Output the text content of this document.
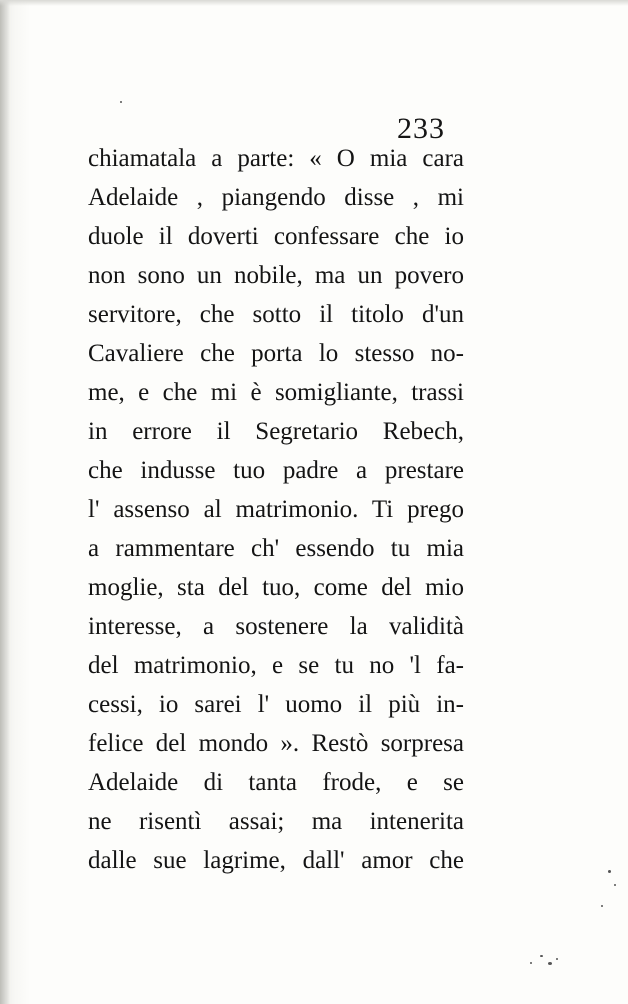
233
chiamatala a parte: « O mia cara
Adelaide , piangendo disse , mi
duole il doverti confessare che io
non sono un nobile, ma un povero
servitore, che sotto il titolo d'un
Cavaliere che porta lo stesso no-
me, e che mi è somigliante, trassi
in errore il Segretario Rebech,
che indusse tuo padre a prestare
l' assenso al matrimonio. Ti prego
a rammentare ch' essendo tu mia
moglie, sta del tuo, come del mio
interesse, a sostenere la validità
del matrimonio, e se tu no 'l fa-
cessi, io sarei l' uomo il più in-
felice del mondo ». Restò sorpresa
Adelaide di tanta frode, e se
ne risentì assai; ma intenerita
dalle sue lagrime, dall' amor che
